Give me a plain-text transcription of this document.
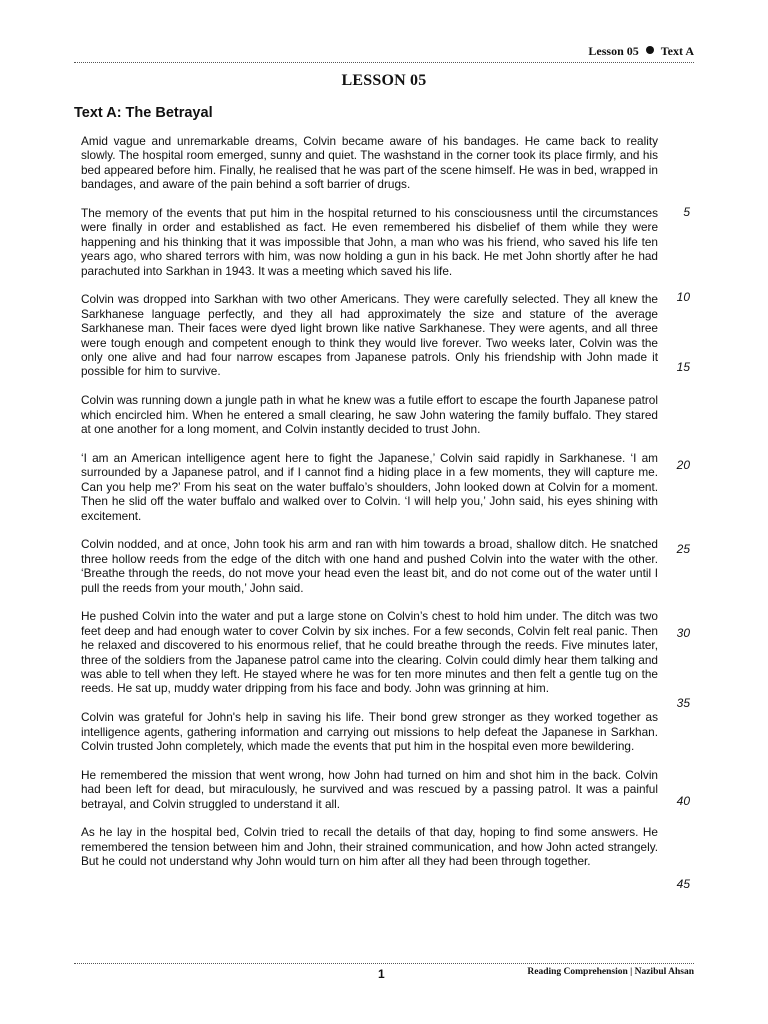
Lesson 05 Text A
LESSON 05
Text A: The Betrayal

Amid vague and unremarkable dreams, Colvin became aware of his bandages. He came back to reality slowly. The hospital room emerged, sunny and quiet. The washstand in the corner took its place firmly, and his bed appeared before him. Finally, he realised that he was part of the scene himself. He was in bed, wrapped in bandages, and aware of the pain behind a soft barrier of drugs.

The memory of the events that put him in the hospital returned to his consciousness until the circumstances were finally in order and established as fact. He even remembered his disbelief of them while they were happening and his thinking that it was impossible that John, a man who was his friend, who saved his life ten years ago, who shared terrors with him, was now holding a gun in his back. He met John shortly after he had parachuted into Sarkhan in 1943. It was a meeting which saved his life.

Colvin was dropped into Sarkhan with two other Americans. They were carefully selected. They all knew the Sarkhanese language perfectly, and they all had approximately the size and stature of the average Sarkhanese man. Their faces were dyed light brown like native Sarkhanese. They were agents, and all three were tough enough and competent enough to think they would live forever. Two weeks later, Colvin was the only one alive and had four narrow escapes from Japanese patrols. Only his friendship with John made it possible for him to survive.

Colvin was running down a jungle path in what he knew was a futile effort to escape the fourth Japanese patrol which encircled him. When he entered a small clearing, he saw John watering the family buffalo. They stared at one another for a long moment, and Colvin instantly decided to trust John.

‘I am an American intelligence agent here to fight the Japanese,’ Colvin said rapidly in Sarkhanese. ‘I am surrounded by a Japanese patrol, and if I cannot find a hiding place in a few moments, they will capture me. Can you help me?’ From his seat on the water buffalo’s shoulders, John looked down at Colvin for a moment. Then he slid off the water buffalo and walked over to Colvin. ‘I will help you,’ John said, his eyes shining with excitement.

Colvin nodded, and at once, John took his arm and ran with him towards a broad, shallow ditch. He snatched three hollow reeds from the edge of the ditch with one hand and pushed Colvin into the water with the other. ‘Breathe through the reeds, do not move your head even the least bit, and do not come out of the water until I pull the reeds from your mouth,’ John said.

He pushed Colvin into the water and put a large stone on Colvin’s chest to hold him under. The ditch was two feet deep and had enough water to cover Colvin by six inches. For a few seconds, Colvin felt real panic. Then he relaxed and discovered to his enormous relief, that he could breathe through the reeds. Five minutes later, three of the soldiers from the Japanese patrol came into the clearing. Colvin could dimly hear them talking and was able to tell when they left. He stayed where he was for ten more minutes and then felt a gentle tug on the reeds. He sat up, muddy water dripping from his face and body. John was grinning at him.

Colvin was grateful for John's help in saving his life. Their bond grew stronger as they worked together as intelligence agents, gathering information and carrying out missions to help defeat the Japanese in Sarkhan. Colvin trusted John completely, which made the events that put him in the hospital even more bewildering.

He remembered the mission that went wrong, how John had turned on him and shot him in the back. Colvin had been left for dead, but miraculously, he survived and was rescued by a passing patrol. It was a painful betrayal, and Colvin struggled to understand it all.

As he lay in the hospital bed, Colvin tried to recall the details of that day, hoping to find some answers. He remembered the tension between him and John, their strained communication, and how John acted strangely. But he could not understand why John would turn on him after all they had been through together.

5
10
15
20
25
30
35
40
45
1	Reading Comprehension | Nazibul Ahsan
